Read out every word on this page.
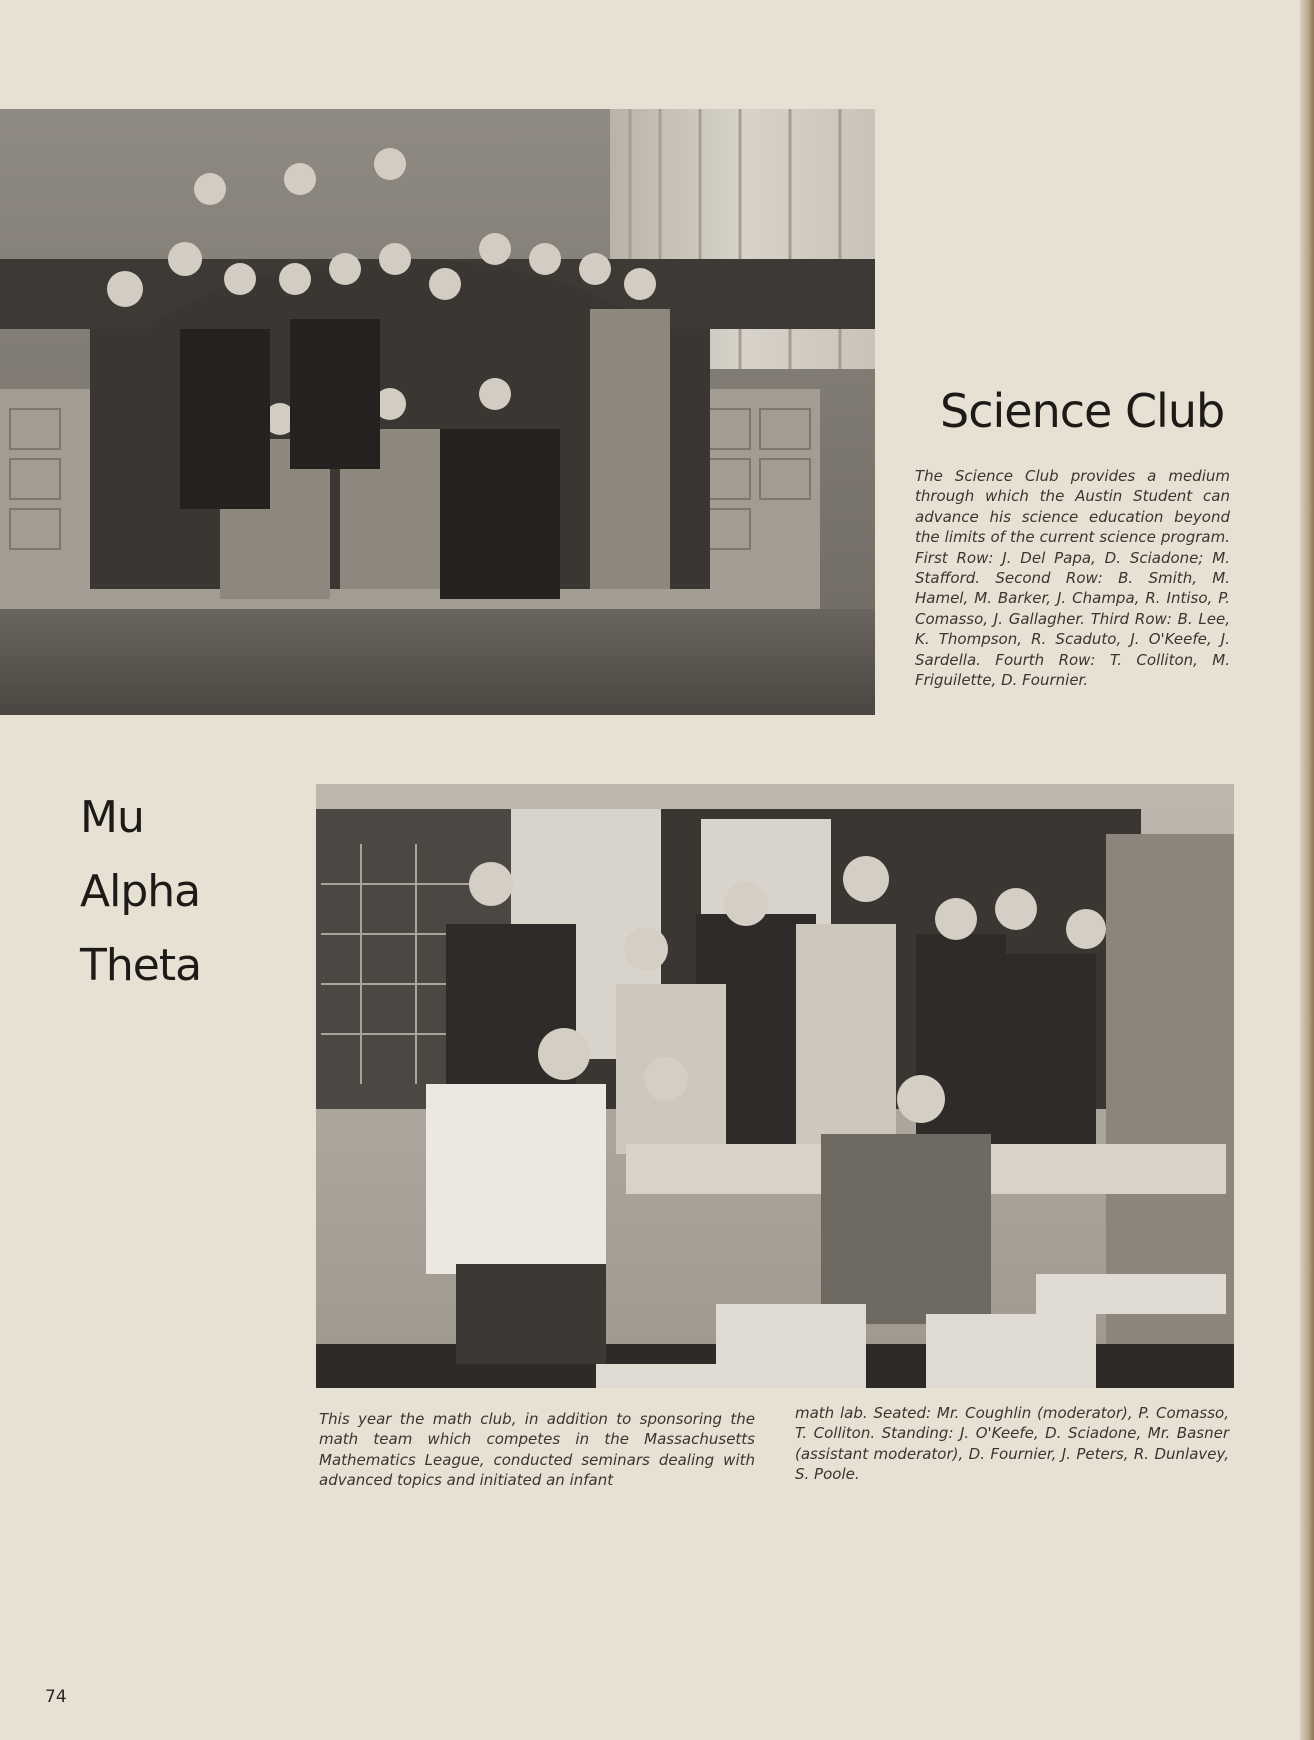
Science Club
The Science Club provides a medium through which the Austin Student can advance his science education beyond the limits of the current science program. First Row: J. Del Papa, D. Sciadone; M. Stafford. Second Row: B. Smith, M. Hamel, M. Barker, J. Champa, R. Intiso, P. Comasso, J. Gallagher. Third Row: B. Lee, K. Thompson, R. Scaduto, J. O'Keefe, J. Sardella. Fourth Row: T. Colliton, M. Friguilette, D. Fournier.
Mu
Alpha
Theta
This year the math club, in addition to sponsoring the math team which competes in the Massachusetts Mathematics League, conducted seminars dealing with advanced topics and initiated an infant
math lab. Seated: Mr. Coughlin (moderator), P. Comasso, T. Colliton. Standing: J. O'Keefe, D. Sciadone, Mr. Basner (assistant moderator), D. Fournier, J. Peters, R. Dunlavey, S. Poole.
74
